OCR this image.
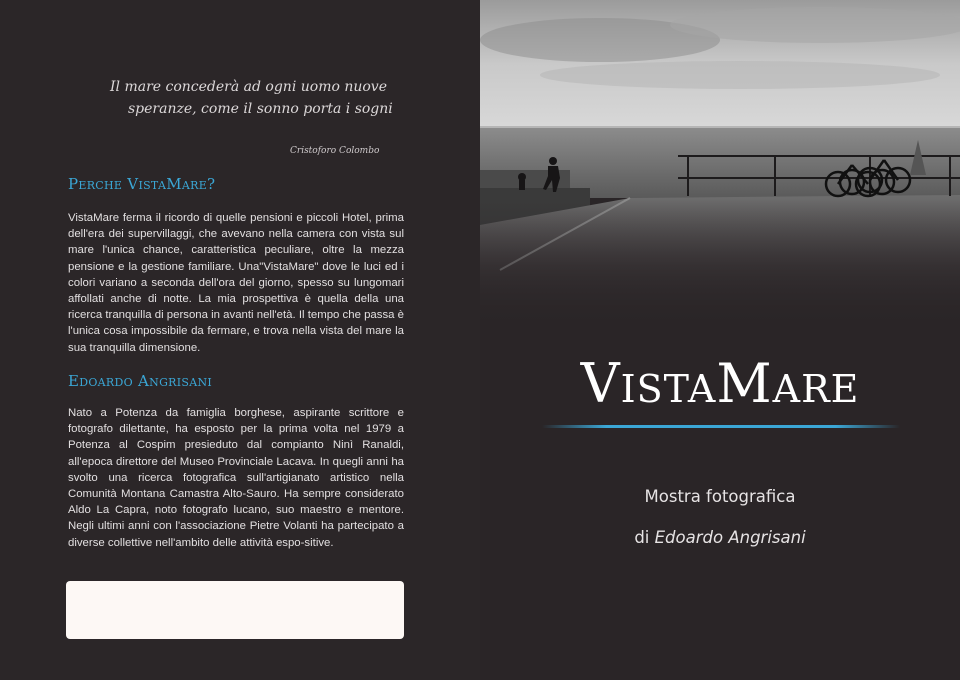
Il mare concederà ad ogni uomo nuove
speranze, come il sonno porta i sogni
Cristoforo Colombo
Perche VistaMare?
VistaMare ferma il ricordo di quelle pensioni e piccoli Hotel, prima dell'era dei supervillaggi, che avevano nella camera con vista sul mare l'unica chance, caratteristica peculiare, oltre la mezza pensione e la gestione familiare. Una"VistaMare" dove le luci ed i colori variano a seconda dell'ora del giorno, spesso su lungomari affollati anche di notte. La mia prospettiva è quella della una ricerca tranquilla di persona in avanti nell'età. Il tempo che passa è l'unica cosa impossibile da fermare, e trova nella vista del mare la sua tranquilla dimensione.
Edoardo Angrisani
Nato a Potenza da famiglia borghese, aspirante scrittore e fotografo dilettante, ha esposto per la prima volta nel 1979 a Potenza al Cospim presieduto dal compianto Ninì Ranaldi, all'epoca direttore del Museo Provinciale Lacava. In quegli anni ha svolto una ricerca fotografica sull'artigianato artistico nella Comunità Montana Camastra Alto-Sauro. Ha sempre considerato Aldo La Capra, noto fotografo lucano, suo maestro e mentore. Negli ultimi anni con l'associazione Pietre Volanti ha partecipato a diverse collettive nell'ambito delle attività espo-sitive.
VistaMare
Mostra fotografica
di Edoardo Angrisani
